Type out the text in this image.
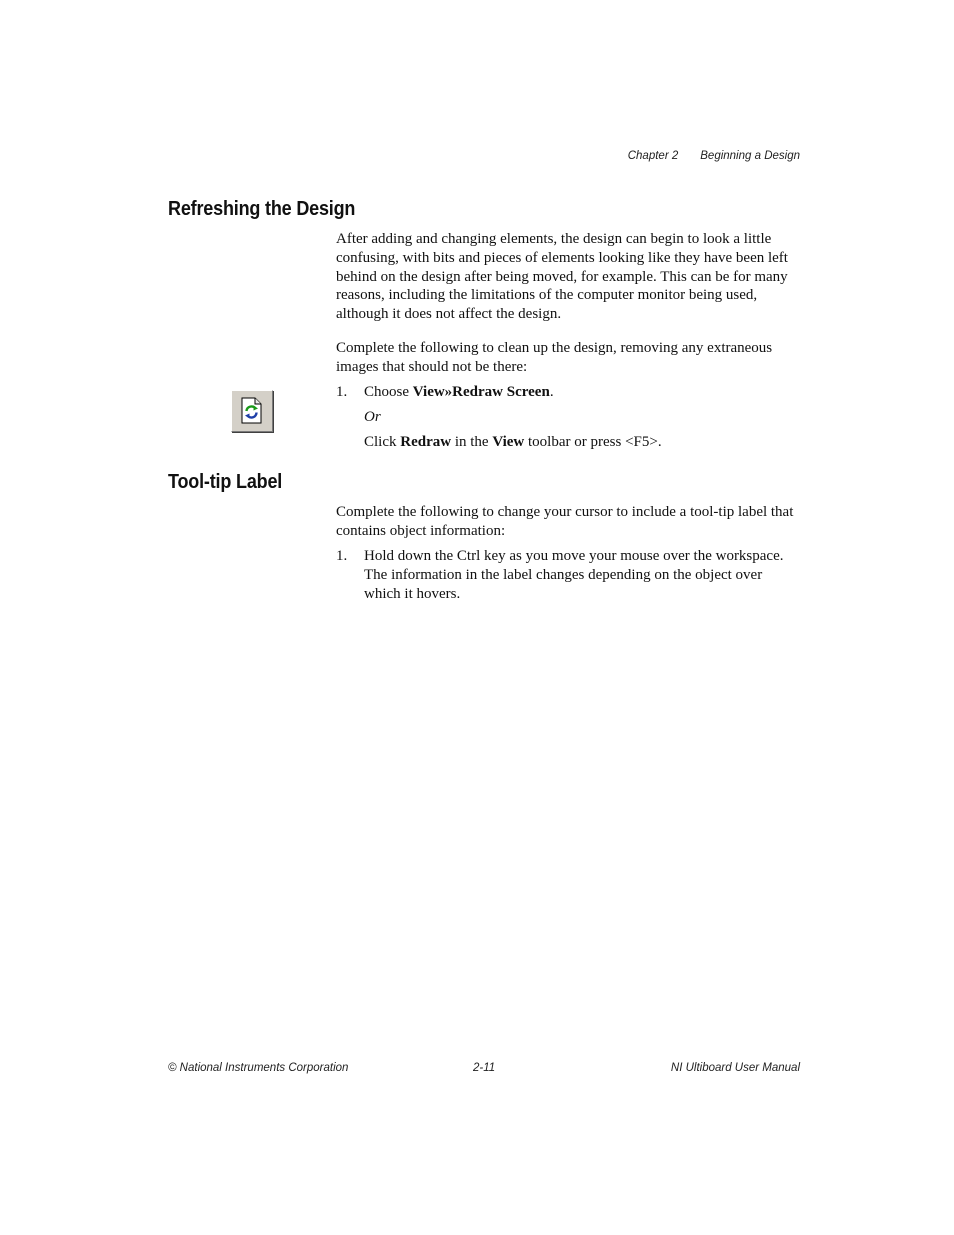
Chapter 2 Beginning a Design
Refreshing the Design

After adding and changing elements, the design can begin to look a little confusing, with bits and pieces of elements looking like they have been left behind on the design after being moved, for example. This can be for many reasons, including the limitations of the computer monitor being used, although it does not affect the design.

Complete the following to clean up the design, removing any extraneous images that should not be there:

1.	Choose View»Redraw Screen.
Or
Click Redraw in the View toolbar or press <F5>.
Tool-tip Label

Complete the following to change your cursor to include a tool-tip label that contains object information:

1.	Hold down the Ctrl key as you move your mouse over the workspace. The information in the label changes depending on the object over which it hovers.
© National Instruments Corporation	2-11	NI Ultiboard User Manual
